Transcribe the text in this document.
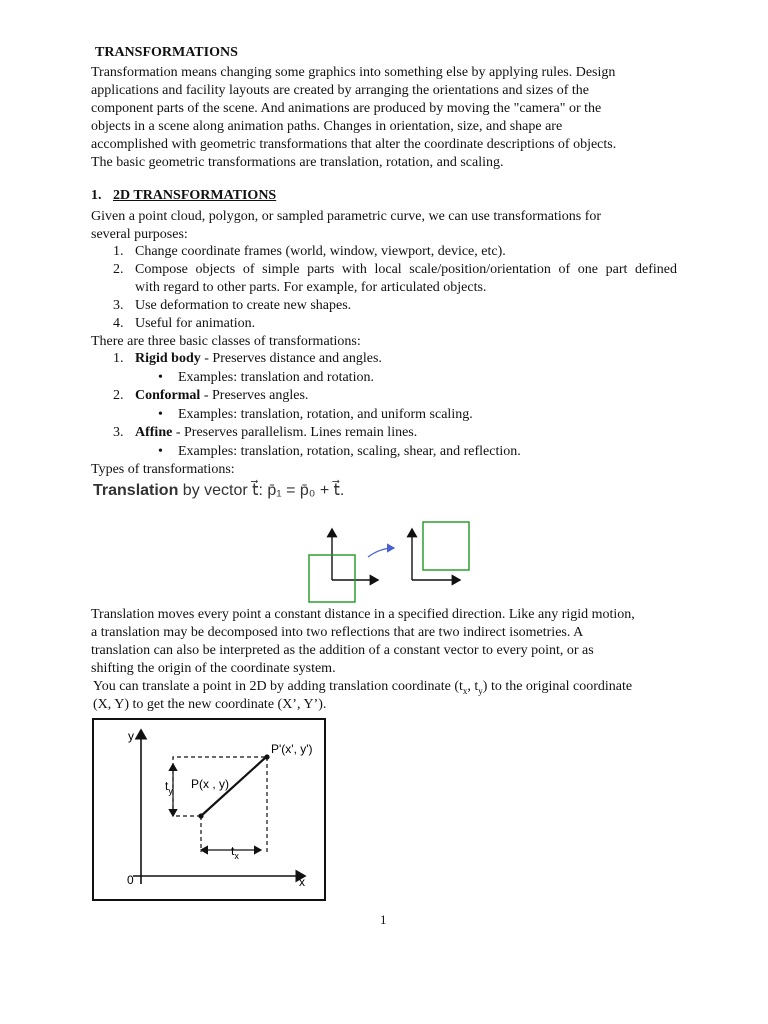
TRANSFORMATIONS
Transformation means changing some graphics into something else by applying rules. Design
applications and facility layouts are created by arranging the orientations and sizes of the
component parts of the scene. And animations are produced by moving the "camera" or the
objects in a scene along animation paths. Changes in orientation, size, and shape are
accomplished with geometric transformations that alter the coordinate descriptions of objects.
The basic geometric transformations are translation, rotation, and scaling.
1. 2D TRANSFORMATIONS
Given a point cloud, polygon, or sampled parametric curve, we can use transformations for
several purposes:
1. Change coordinate frames (world, window, viewport, device, etc).
2. Compose objects of simple parts with local scale/position/orientation of one part defined
with regard to other parts. For example, for articulated objects.
3. Use deformation to create new shapes.
4. Useful for animation.
There are three basic classes of transformations:
1. Rigid body - Preserves distance and angles.
• Examples: translation and rotation.
2. Conformal - Preserves angles.
• Examples: translation, rotation, and uniform scaling.
3. Affine - Preserves parallelism. Lines remain lines.
• Examples: translation, rotation, scaling, shear, and reflection.
Types of transformations:
Translation by vector t⃗: p̄₁ = p̄₀ + t⃗.
Translation moves every point a constant distance in a specified direction. Like any rigid motion,
a translation may be decomposed into two reflections that are two indirect isometries. A
translation can also be interpreted as the addition of a constant vector to every point, or as
shifting the origin of the coordinate system.
You can translate a point in 2D by adding translation coordinate ($t_x$, $t_y$) to the original coordinate
(X, Y) to get the new coordinate (X’, Y’).
y
x
0
$t_y$
$t_x$
P(x , y)
P'(x', y')
1
